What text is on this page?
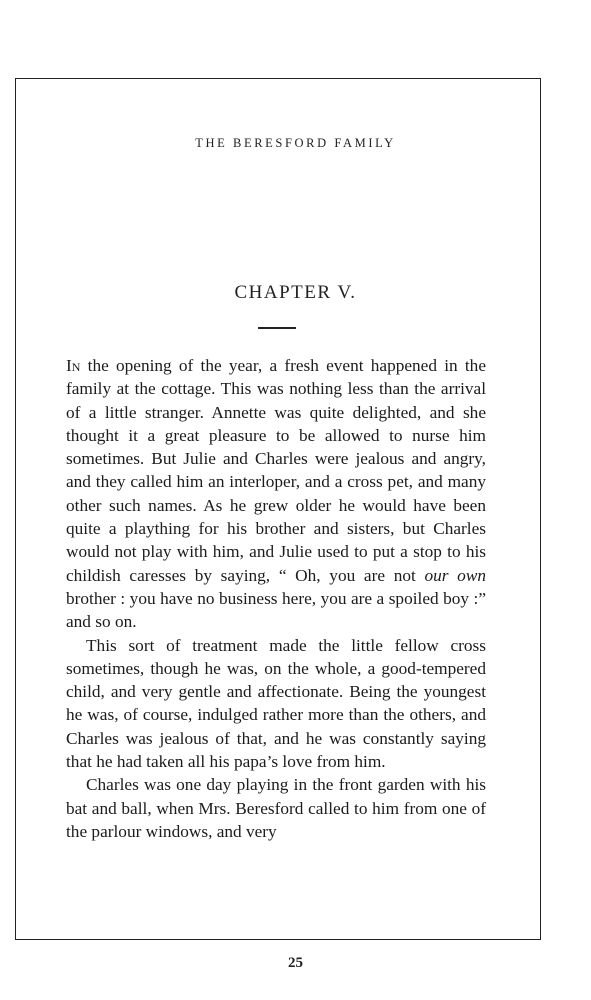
THE BERESFORD FAMILY
CHAPTER V.

In the opening of the year, a fresh event happened in the family at the cottage. This was nothing less than the arrival of a little stranger. Annette was quite delighted, and she thought it a great pleasure to be allowed to nurse him sometimes. But Julie and Charles were jealous and angry, and they called him an interloper, and a cross pet, and many other such names. As he grew older he would have been quite a plaything for his brother and sisters, but Charles would not play with him, and Julie used to put a stop to his childish caresses by saying, “ Oh, you are not our own brother : you have no business here, you are a spoiled boy :” and so on.

This sort of treatment made the little fellow cross sometimes, though he was, on the whole, a good-tempered child, and very gentle and affectionate. Being the youngest he was, of course, indulged rather more than the others, and Charles was jealous of that, and he was constantly saying that he had taken all his papa’s love from him.

Charles was one day playing in the front garden with his bat and ball, when Mrs. Beresford called to him from one of the parlour windows, and very

25
